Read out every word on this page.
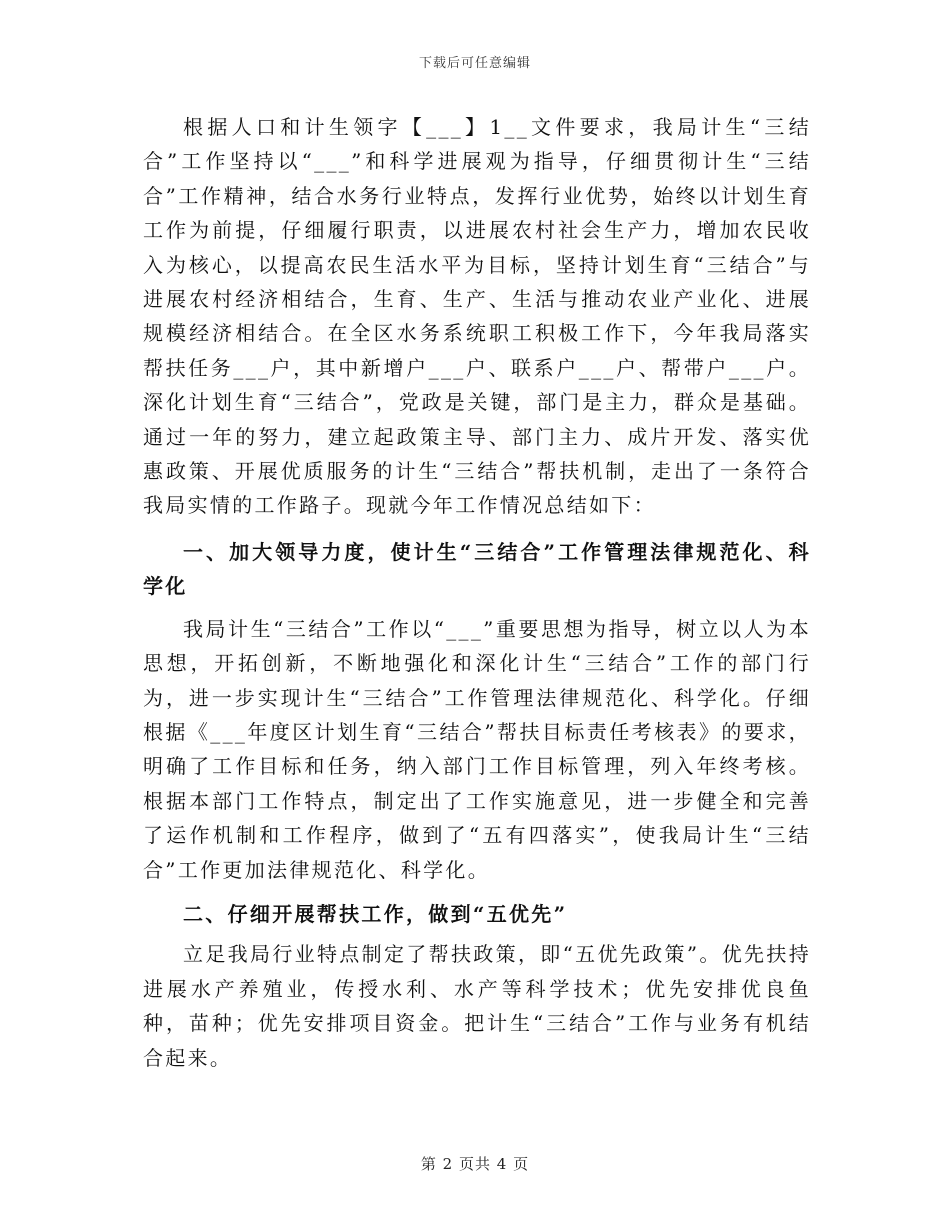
下载后可任意编辑

根据人口和计生领字【___】1__文件要求，我局计生“三结合”工作坚持以“___”和科学进展观为指导，仔细贯彻计生“三结合”工作精神，结合水务行业特点，发挥行业优势，始终以计划生育工作为前提，仔细履行职责，以进展农村社会生产力，增加农民收入为核心，以提高农民生活水平为目标，坚持计划生育“三结合”与进展农村经济相结合，生育、生产、生活与推动农业产业化、进展规模经济相结合。在全区水务系统职工积极工作下，今年我局落实帮扶任务___户，其中新增户___户、联系户___户、帮带户___户。深化计划生育“三结合”，党政是关键，部门是主力，群众是基础。通过一年的努力，建立起政策主导、部门主力、成片开发、落实优惠政策、开展优质服务的计生“三结合”帮扶机制，走出了一条符合我局实情的工作路子。现就今年工作情况总结如下：

一、加大领导力度，使计生“三结合”工作管理法律规范化、科学化

我局计生“三结合”工作以“___”重要思想为指导，树立以人为本思想，开拓创新，不断地强化和深化计生“三结合”工作的部门行为，进一步实现计生“三结合”工作管理法律规范化、科学化。仔细根据《___年度区计划生育“三结合”帮扶目标责任考核表》的要求，明确了工作目标和任务，纳入部门工作目标管理，列入年终考核。根据本部门工作特点，制定出了工作实施意见，进一步健全和完善了运作机制和工作程序，做到了“五有四落实”，使我局计生“三结合”工作更加法律规范化、科学化。

二、仔细开展帮扶工作，做到“五优先”

立足我局行业特点制定了帮扶政策，即“五优先政策”。优先扶持进展水产养殖业，传授水利、水产等科学技术；优先安排优良鱼种，苗种；优先安排项目资金。把计生“三结合”工作与业务有机结合起来。

第 2 页共 4 页
